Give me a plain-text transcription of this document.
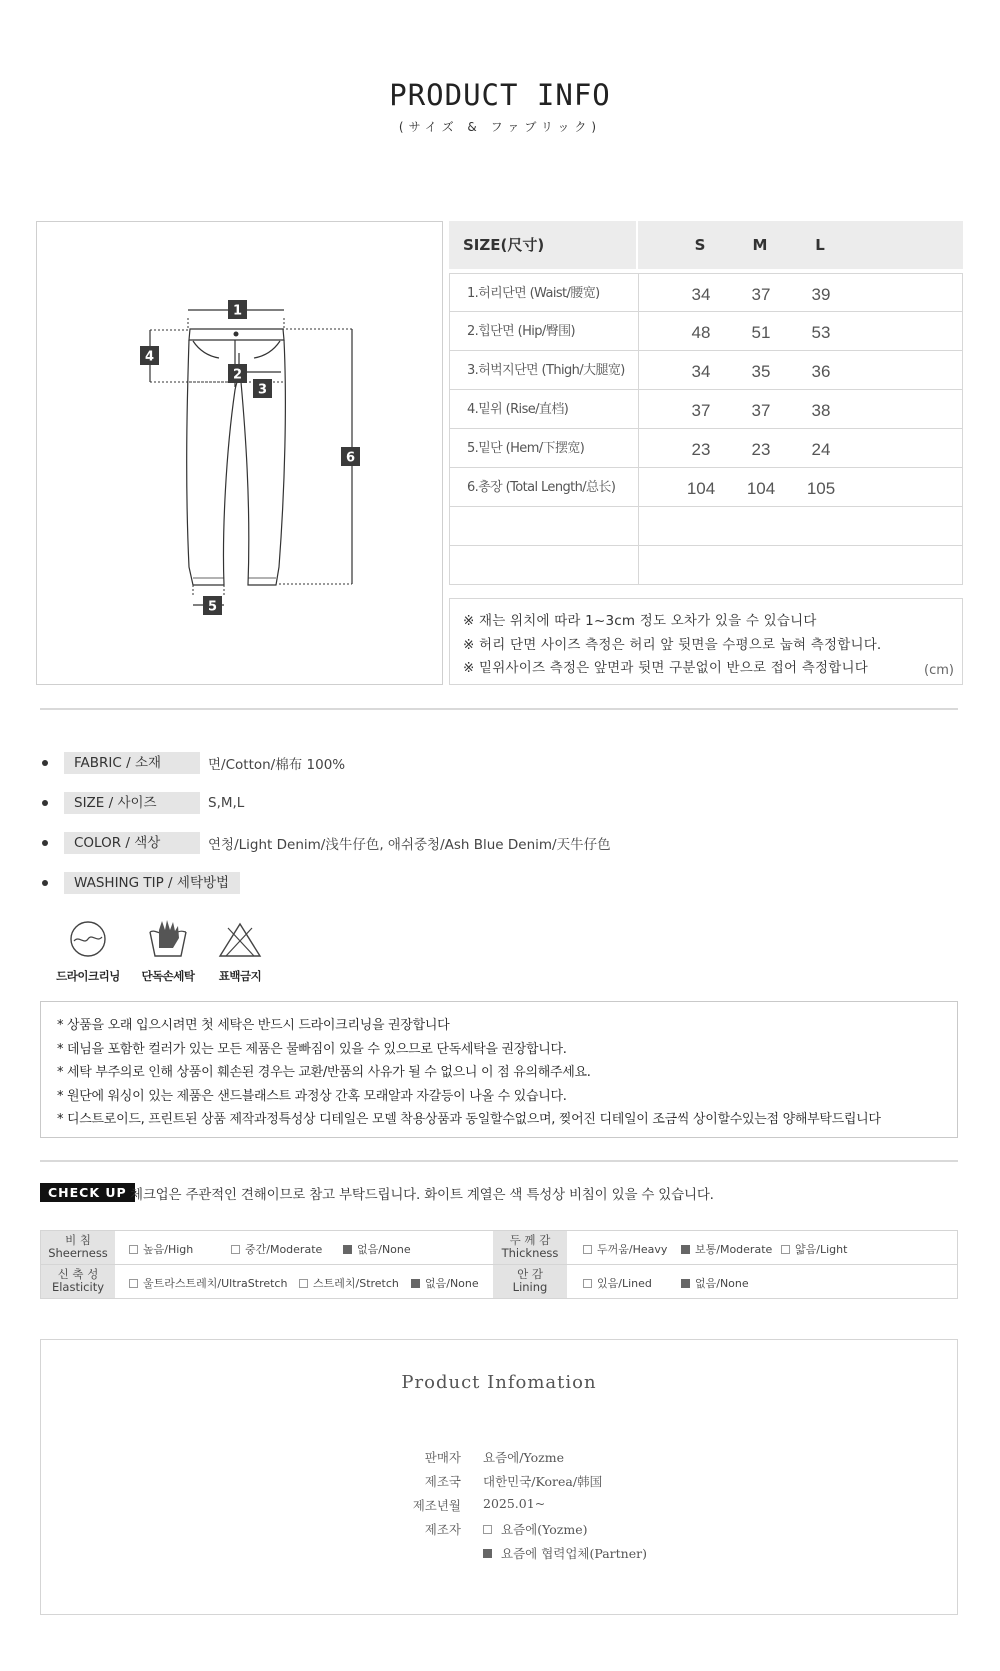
PRODUCT INFO
(サイズ & ファブリック)
1
4
2
3
6
5
SIZE(尺寸)	S	M	L
1.허리단면 (Waist/腰宽)	34	37	39
2.힙단면 (Hip/臀围)	48	51	53
3.허벅지단면 (Thigh/大腿宽)	34	35	36
4.밑위 (Rise/直档)	37	37	38
5.밑단 (Hem/下摆宽)	23	23	24
6.총장 (Total Length/总长)	104	104	105
※ 재는 위치에 따라 1~3cm 정도 오차가 있을 수 있습니다
※ 허리 단면 사이즈 측정은 허리 앞 뒷면을 수평으로 눕혀 측정합니다.
※ 밑위사이즈 측정은 앞면과 뒷면 구분없이 반으로 접어 측정합니다	(cm)
FABRIC / 소재	면/Cotton/棉布 100%
SIZE / 사이즈	S,M,L
COLOR / 색상	연청/Light Denim/浅牛仔色, 애쉬중청/Ash Blue Denim/天牛仔色
WASHING TIP / 세탁방법
드라이크리닝	단독손세탁	표백금지
* 상품을 오래 입으시려면 첫 세탁은 반드시 드라이크리닝을 권장합니다
* 데님을 포함한 컬러가 있는 모든 제품은 물빠짐이 있을 수 있으므로 단독세탁을 권장합니다.
* 세탁 부주의로 인해 상품이 훼손된 경우는 교환/반품의 사유가 될 수 없으니 이 점 유의해주세요.
* 원단에 워싱이 있는 제품은 샌드블래스트 과정상 간혹 모래알과 자갈등이 나올 수 있습니다.
* 디스트로이드, 프린트된 상품 제작과정특성상 디테일은 모델 착용상품과 동일할수없으며, 찢어진 디테일이 조금씩 상이할수있는점 양해부탁드립니다
CHECK UP 체크업은 주관적인 견해이므로 참고 부탁드립니다. 화이트 계열은 색 특성상 비침이 있을 수 있습니다.
비 침
Sheerness	높음/High	중간/Moderate	없음/None
두 께 감
Thickness	두꺼움/Heavy	보통/Moderate 얇음/Light
신 축 성
Elasticity	울트라스트레치/UltraStretch 스트레치/Stretch 없음/None
안 감
Lining	있음/Lined	없음/None
Product Infomation
판매자 요즘에/Yozme
제조국 대한민국/Korea/韩国
제조년월 2025.01~
제조자	요즘에(Yozme)
요즘에 협력업체(Partner)
